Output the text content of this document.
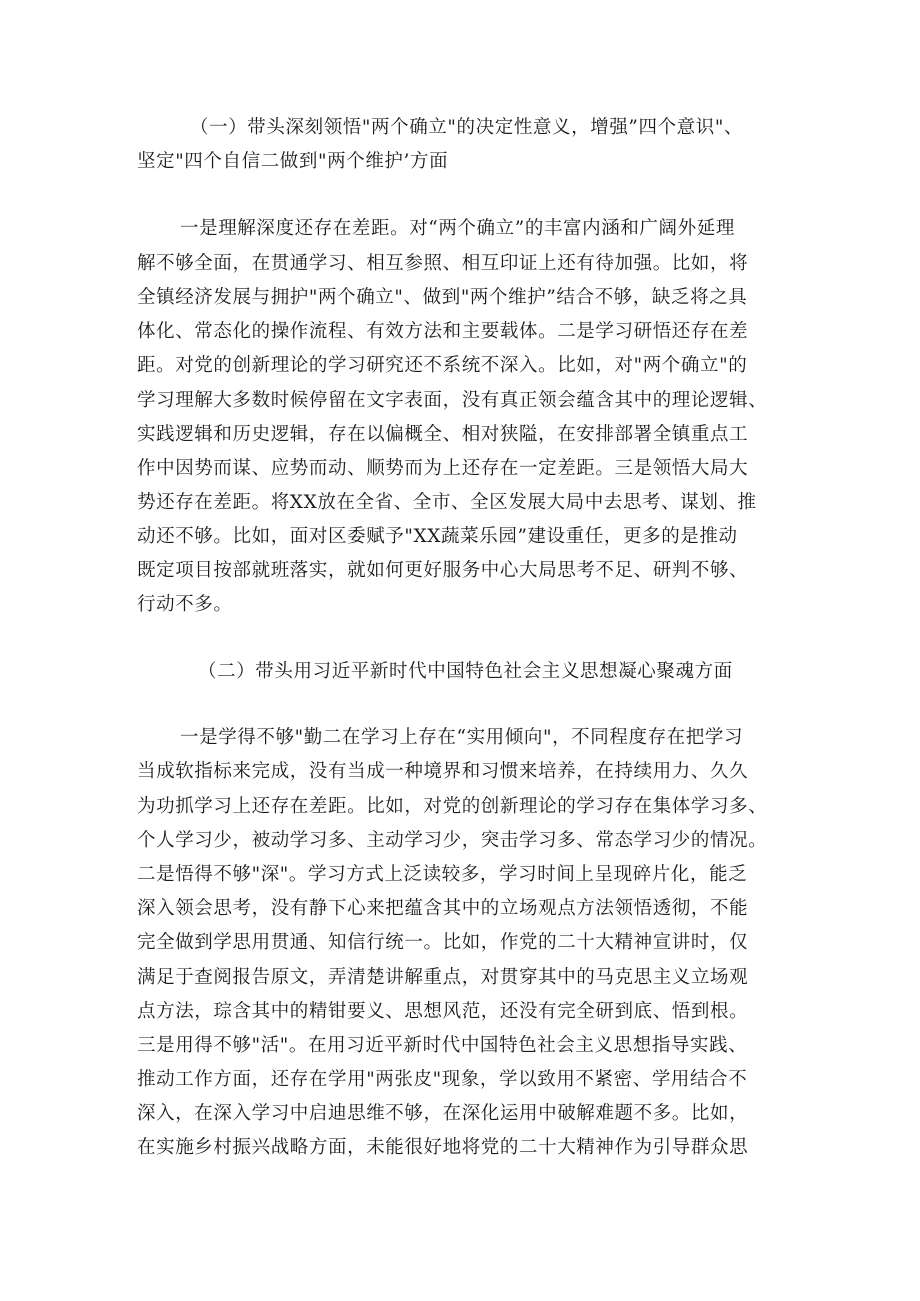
（一）带头深刻领悟"两个确立"的决定性意义，增强”四个意识"、
坚定"四个自信二做到"两个维护’方面
一是理解深度还存在差距。对“两个确立”的丰富内涵和广阔外延理
解不够全面，在贯通学习、相互参照、相互印证上还有待加强。比如，将
全镇经济发展与拥护"两个确立"、做到"两个维护”结合不够，缺乏将之具
体化、常态化的操作流程、有效方法和主要载体。二是学习研悟还存在差
距。对党的创新理论的学习研究还不系统不深入。比如，对"两个确立"的
学习理解大多数时候停留在文字表面，没有真正领会蕴含其中的理论逻辑、
实践逻辑和历史逻辑，存在以偏概全、相对狭隘，在安排部署全镇重点工
作中因势而谋、应势而动、顺势而为上还存在一定差距。三是领悟大局大
势还存在差距。将XX放在全省、全市、全区发展大局中去思考、谋划、推
动还不够。比如，面对区委赋予"XX蔬菜乐园”建设重任，更多的是推动
既定项目按部就班落实，就如何更好服务中心大局思考不足、研判不够、
行动不多。
（二）带头用习近平新时代中国特色社会主义思想凝心聚魂方面
一是学得不够"勤二在学习上存在“实用倾向"，不同程度存在把学习
当成软指标来完成，没有当成一种境界和习惯来培养，在持续用力、久久
为功抓学习上还存在差距。比如，对党的创新理论的学习存在集体学习多、
个人学习少，被动学习多、主动学习少，突击学习多、常态学习少的情况。
二是悟得不够"深"。学习方式上泛读较多，学习时间上呈现碎片化，能乏
深入领会思考，没有静下心来把蕴含其中的立场观点方法领悟透彻，不能
完全做到学思用贯通、知信行统一。比如，作党的二十大精神宣讲时，仅
满足于查阅报告原文，弄清楚讲解重点，对贯穿其中的马克思主义立场观
点方法，琮含其中的精钳要义、思想风范，还没有完全研到底、悟到根。
三是用得不够"活"。在用习近平新时代中国特色社会主义思想指导实践、
推动工作方面，还存在学用"两张皮"现象，学以致用不紧密、学用结合不
深入，在深入学习中启迪思维不够，在深化运用中破解难题不多。比如，
在实施乡村振兴战略方面，未能很好地将党的二十大精神作为引导群众思
